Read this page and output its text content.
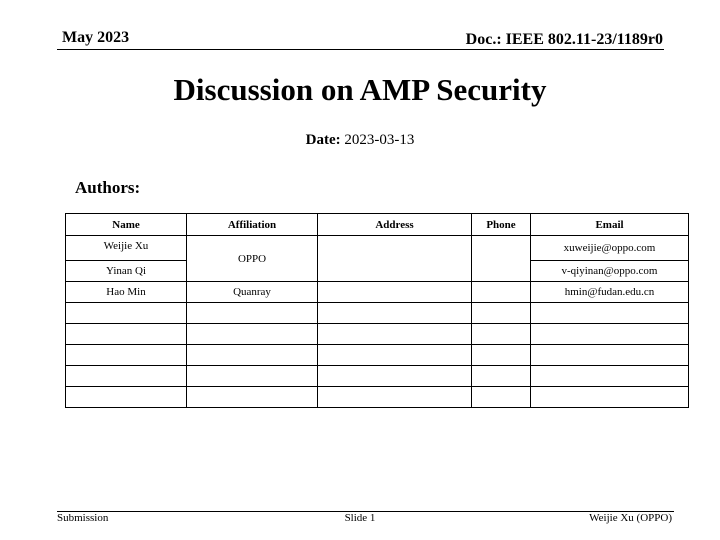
May 2023	Doc.: IEEE 802.11-23/1189r0
Discussion on AMP Security
Date: 2023-03-13
Authors:
Name	Affiliation	Address	Phone	Email
Weijie Xu	OPPO			xuweijie@oppo.com
Yinan Qi				v-qiyinan@oppo.com
Hao Min	Quanray			hmin@fudan.edu.cn

Submission	Slide 1	Weijie Xu (OPPO)
